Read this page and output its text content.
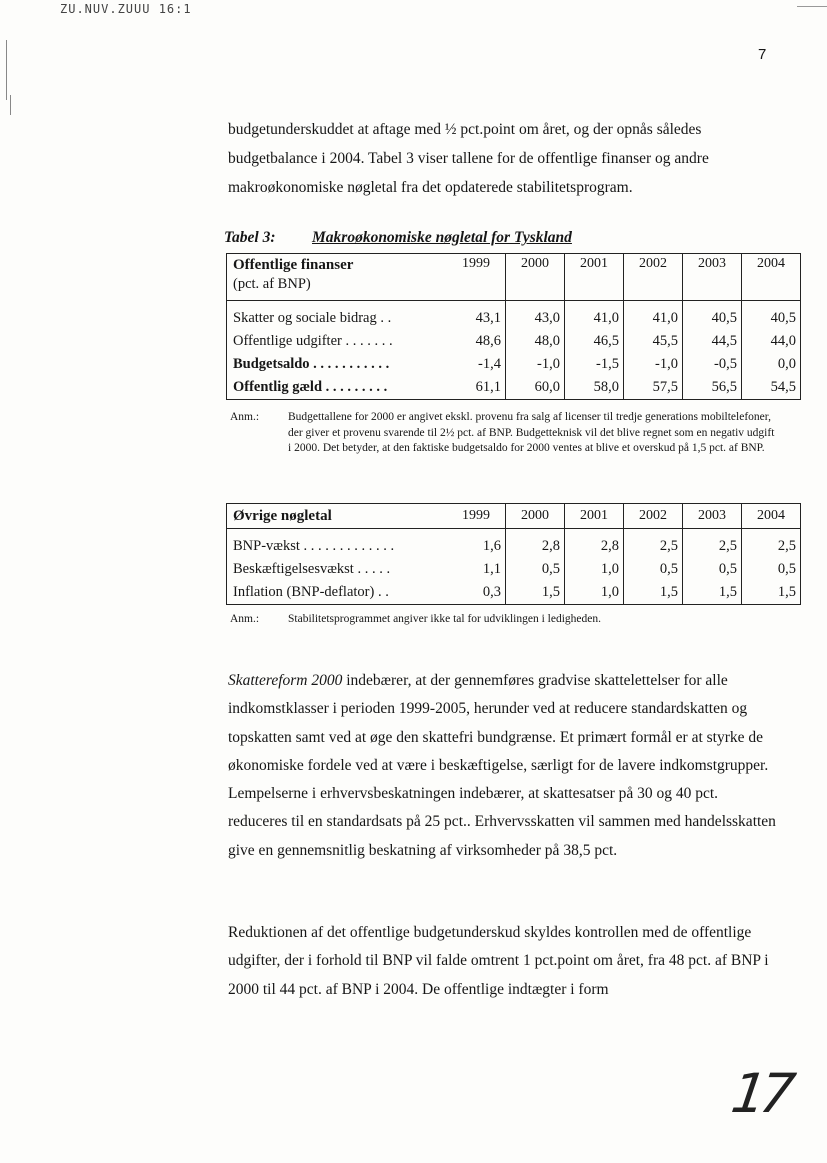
ZU.NUV.ZUUU 16:1
7
budgetunderskuddet at aftage med ½ pct.point om året, og der opnås således
budgetbalance i 2004. Tabel 3 viser tallene for de offentlige finanser og andre
makroøkonomiske nøgletal fra det opdaterede stabilitetsprogram.
Tabel 3: Makroøkonomiske nøgletal for Tyskland
Offentlige finanser
(pct. af BNP)	1999	2000	2001	2002	2003	2004
Skatter og sociale bidrag . .	43,1	43,0	41,0	41,0	40,5	40,5
Offentlige udgifter . . . . . . .	48,6	48,0	46,5	45,5	44,5	44,0
Budgetsaldo . . . . . . . . . . .	-1,4	-1,0	-1,5	-1,0	-0,5	0,0
Offentlig gæld . . . . . . . . .	61,1	60,0	58,0	57,5	56,5	54,5
Anm.:	Budgettallene for 2000 er angivet ekskl. provenu fra salg af licenser til tredje generations mobiltelefoner, der giver et provenu svarende til 2½ pct. af BNP. Budgetteknisk vil det blive regnet som en negativ udgift i 2000. Det betyder, at den faktiske budgetsaldo for 2000 ventes at blive et overskud på 1,5 pct. af BNP.
Øvrige nøgletal	1999	2000	2001	2002	2003	2004
BNP-vækst . . . . . . . . . . . . .	1,6	2,8	2,8	2,5	2,5	2,5
Beskæftigelsesvækst . . . . .	1,1	0,5	1,0	0,5	0,5	0,5
Inflation (BNP-deflator) . .	0,3	1,5	1,0	1,5	1,5	1,5
Anm.:	Stabilitetsprogrammet angiver ikke tal for udviklingen i ledigheden.

Skattereform 2000 indebærer, at der gennemføres gradvise skattelettelser for alle indkomstklasser i perioden 1999-2005, herunder ved at reducere standardskatten og topskatten samt ved at øge den skattefri bundgrænse. Et primært formål er at styrke de økonomiske fordele ved at være i beskæftigelse, særligt for de lavere indkomstgrupper. Lempelserne i erhvervsbeskatningen indebærer, at skattesatser på 30 og 40 pct. reduceres til en standardsats på 25 pct.. Erhvervsskatten vil sammen med handelsskatten give en gennemsnitlig beskatning af virksomheder på 38,5 pct.

Reduktionen af det offentlige budgetunderskud skyldes kontrollen med de offentlige udgifter, der i forhold til BNP vil falde omtrent 1 pct.point om året, fra 48 pct. af BNP i 2000 til 44 pct. af BNP i 2004. De offentlige indtægter i form

17
